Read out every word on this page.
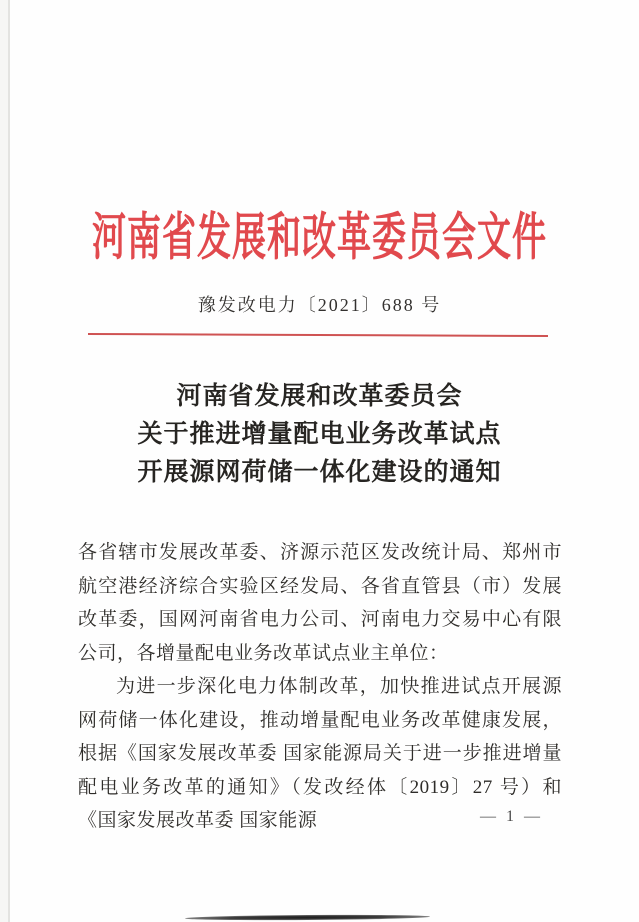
河南省发展和改革委员会文件
豫发改电力〔2021〕688 号
河南省发展和改革委员会
关于推进增量配电业务改革试点
开展源网荷储一体化建设的通知

各省辖市发展改革委、济源示范区发改统计局、郑州市航空港经济综合实验区经发局、各省直管县（市）发展改革委，国网河南省电力公司、河南电力交易中心有限公司，各增量配电业务改革试点业主单位：

为进一步深化电力体制改革，加快推进试点开展源网荷储一体化建设，推动增量配电业务改革健康发展，根据《国家发展改革委 国家能源局关于进一步推进增量配电业务改革的通知》（发改经体〔2019〕27 号）和《国家发展改革委 国家能源	— 1 —
